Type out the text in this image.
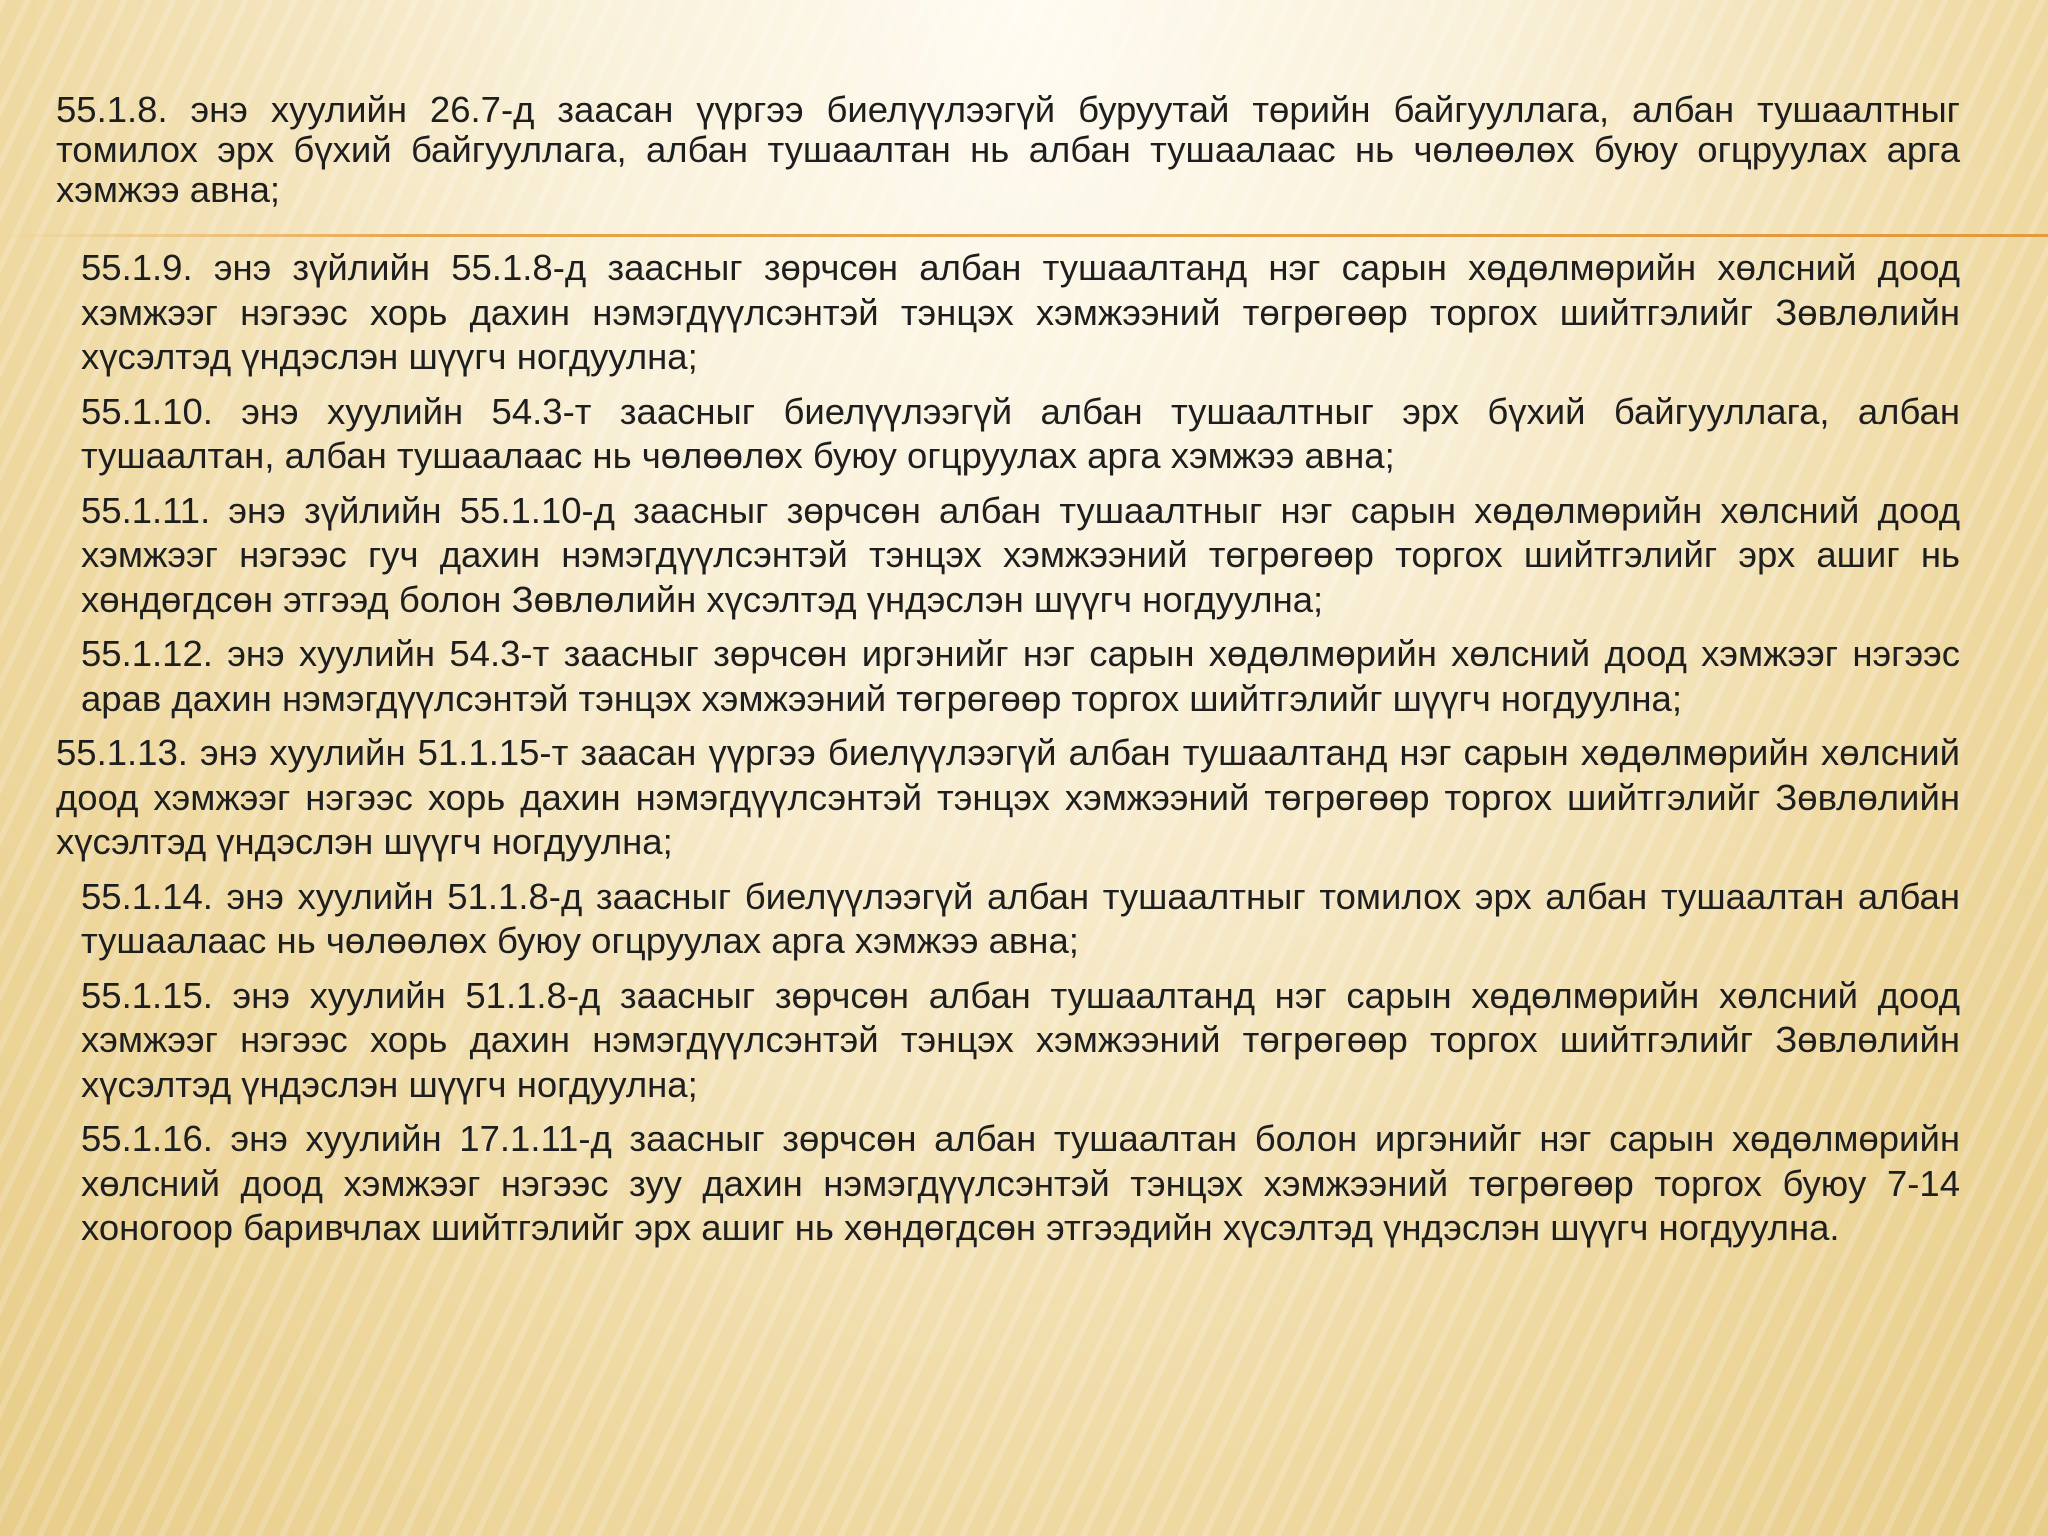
55.1.8. энэ хуулийн 26.7-д заасан үүргээ биелүүлээгүй буруутай төрийн байгууллага, албан тушаалтныг томилох эрх бүхий байгууллага, албан тушаалтан нь албан тушаалаас нь чөлөөлөх буюу огцруулах арга хэмжээ авна;

55.1.9. энэ зүйлийн 55.1.8-д заасныг зөрчсөн албан тушаалтанд нэг сарын хөдөлмөрийн хөлсний доод хэмжээг нэгээс хорь дахин нэмэгдүүлсэнтэй тэнцэх хэмжээний төгрөгөөр торгох шийтгэлийг Зөвлөлийн хүсэлтэд үндэслэн шүүгч ногдуулна;

55.1.10. энэ хуулийн 54.3-т заасныг биелүүлээгүй албан тушаалтныг эрх бүхий байгууллага, албан тушаалтан, албан тушаалаас нь чөлөөлөх буюу огцруулах арга хэмжээ авна;

55.1.11. энэ зүйлийн 55.1.10-д заасныг зөрчсөн албан тушаалтныг нэг сарын хөдөлмөрийн хөлсний доод хэмжээг нэгээс гуч дахин нэмэгдүүлсэнтэй тэнцэх хэмжээний төгрөгөөр торгох шийтгэлийг эрх ашиг нь хөндөгдсөн этгээд болон Зөвлөлийн хүсэлтэд үндэслэн шүүгч ногдуулна;

55.1.12. энэ хуулийн 54.3-т заасныг зөрчсөн иргэнийг нэг сарын хөдөлмөрийн хөлсний доод хэмжээг нэгээс арав дахин нэмэгдүүлсэнтэй тэнцэх хэмжээний төгрөгөөр торгох шийтгэлийг шүүгч ногдуулна;

55.1.13. энэ хуулийн 51.1.15-т заасан үүргээ биелүүлээгүй албан тушаалтанд нэг сарын хөдөлмөрийн хөлсний доод хэмжээг нэгээс хорь дахин нэмэгдүүлсэнтэй тэнцэх хэмжээний төгрөгөөр торгох шийтгэлийг Зөвлөлийн хүсэлтэд үндэслэн шүүгч ногдуулна;

55.1.14. энэ хуулийн 51.1.8-д заасныг биелүүлээгүй албан тушаалтныг томилох эрх албан тушаалтан албан тушаалаас нь чөлөөлөх буюу огцруулах арга хэмжээ авна;

55.1.15. энэ хуулийн 51.1.8-д заасныг зөрчсөн албан тушаалтанд нэг сарын хөдөлмөрийн хөлсний доод хэмжээг нэгээс хорь дахин нэмэгдүүлсэнтэй тэнцэх хэмжээний төгрөгөөр торгох шийтгэлийг Зөвлөлийн хүсэлтэд үндэслэн шүүгч ногдуулна;

55.1.16. энэ хуулийн 17.1.11-д заасныг зөрчсөн албан тушаалтан болон иргэнийг нэг сарын хөдөлмөрийн хөлсний доод хэмжээг нэгээс зуу дахин нэмэгдүүлсэнтэй тэнцэх хэмжээний төгрөгөөр торгох буюу 7-14 хоногоор баривчлах шийтгэлийг эрх ашиг нь хөндөгдсөн этгээдийн хүсэлтэд үндэслэн шүүгч ногдуулна.
